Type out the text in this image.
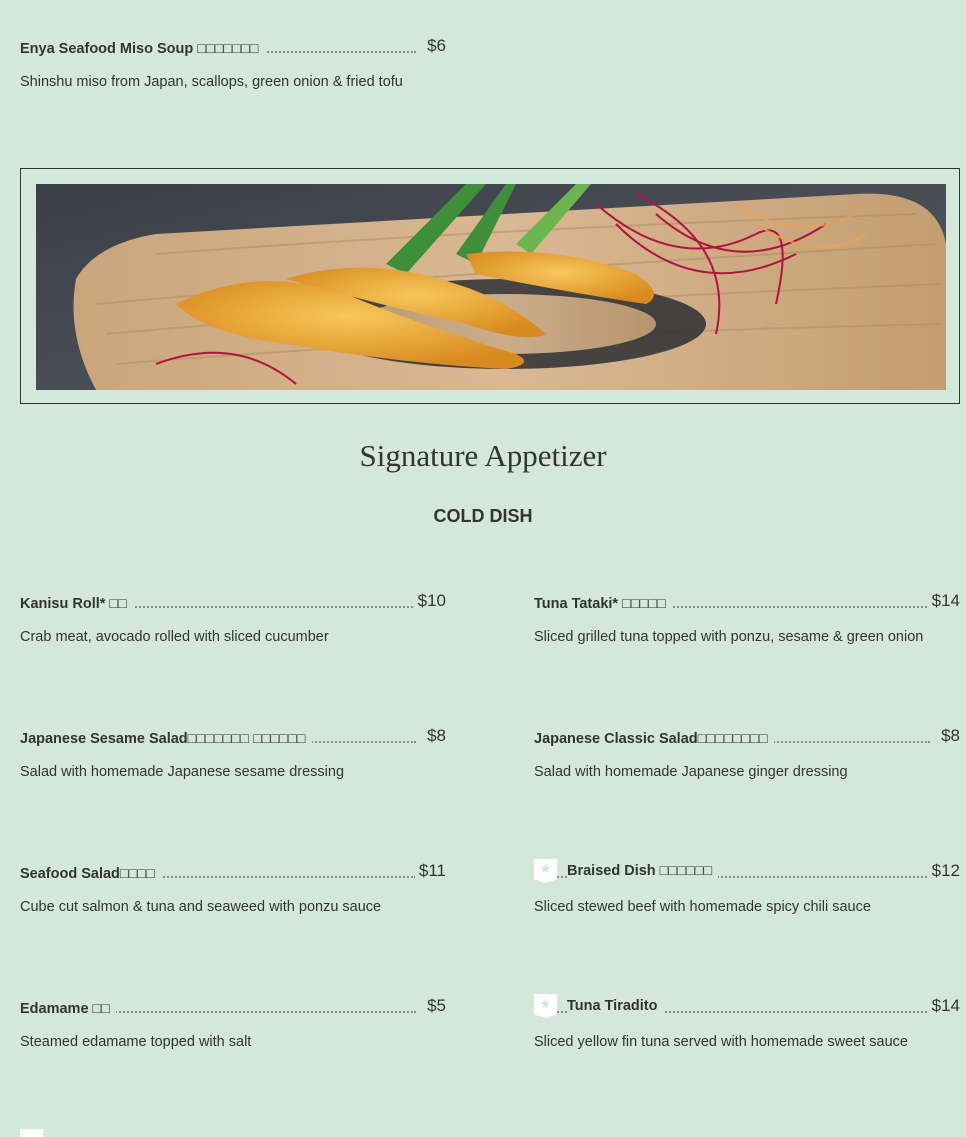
Enya Seafood Miso Soup □□□□□□□	$6
Shinshu miso from Japan, scallops, green onion & fried tofu
Signature Appetizer
COLD DISH
Kanisu Roll* □□	$10
Crab meat, avocado rolled with sliced cucumber
Japanese Sesame Salad□□□□□□□ □□□□□□	$8
Salad with homemade Japanese sesame dressing
Seafood Salad□□□□	$11
Cube cut salmon & tuna and seaweed with ponzu sauce
Edamame □□	$5
Steamed edamame topped with salt
Tuna Tataki* □□□□□	$14
Sliced grilled tuna topped with ponzu, sesame & green onion
Japanese Classic Salad□□□□□□□□	$8
Salad with homemade Japanese ginger dressing
★
Braised Dish □□□□□□	$12
Sliced stewed beef with homemade spicy chili sauce
★
Tuna Tiradito	$14
Sliced yellow fin tuna served with homemade sweet sauce
